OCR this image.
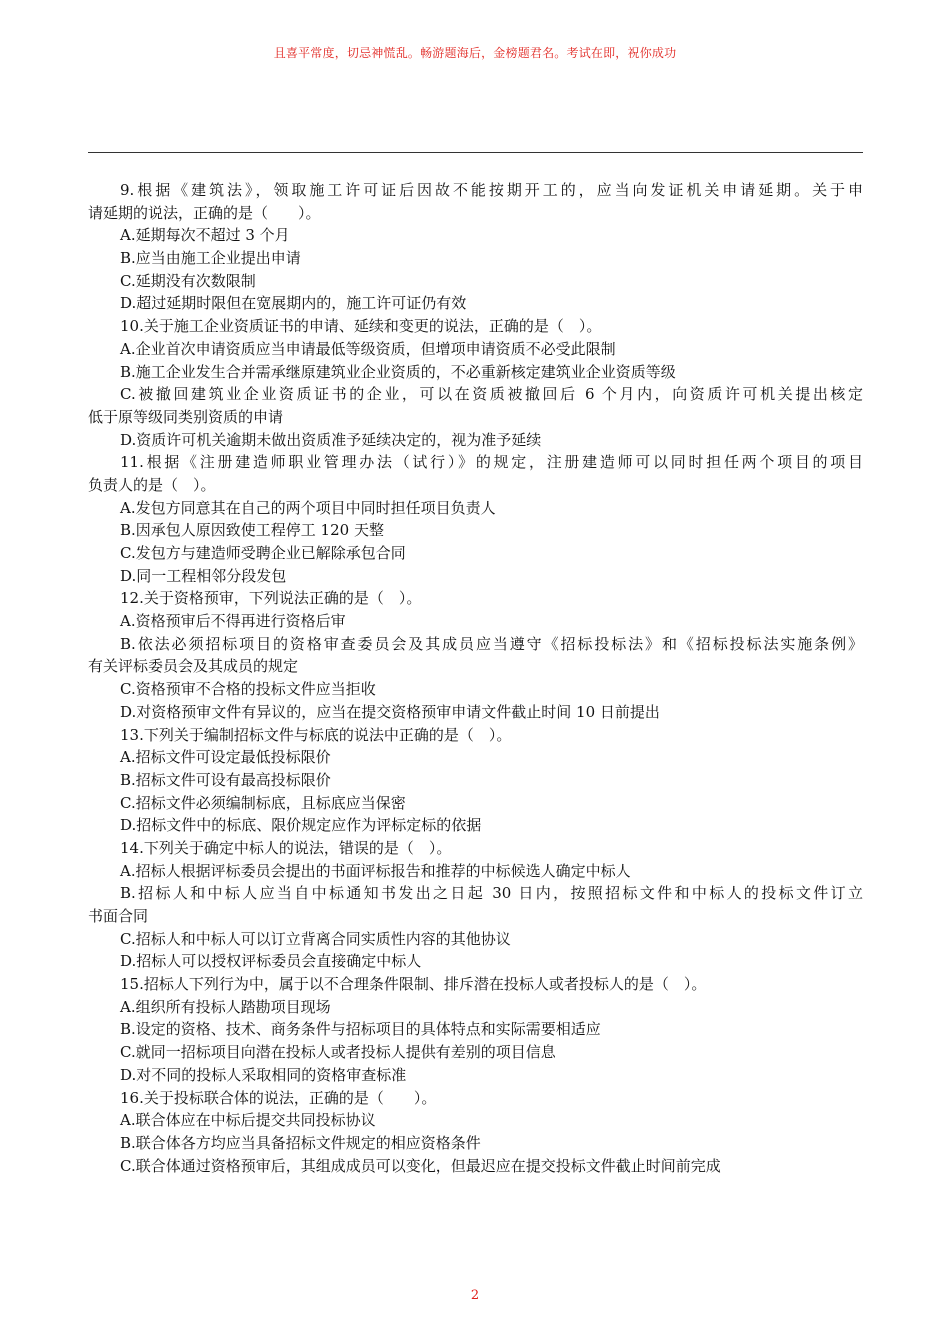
且喜平常度，切忌神慌乱。畅游题海后，金榜题君名。考试在即，祝你成功
9.根据《建筑法》，领取施工许可证后因故不能按期开工的，应当向发证机关申请延期。关于申
请延期的说法，正确的是（　　）。
A.延期每次不超过 3 个月
B.应当由施工企业提出申请
C.延期没有次数限制
D.超过延期时限但在宽展期内的，施工许可证仍有效
10.关于施工企业资质证书的申请、延续和变更的说法，正确的是（　）。
A.企业首次申请资质应当申请最低等级资质，但增项申请资质不必受此限制
B.施工企业发生合并需承继原建筑业企业资质的，不必重新核定建筑业企业资质等级
C.被撤回建筑业企业资质证书的企业，可以在资质被撤回后 6 个月内，向资质许可机关提出核定
低于原等级同类别资质的申请
D.资质许可机关逾期未做出资质准予延续决定的，视为准予延续
11.根据《注册建造师职业管理办法（试行）》的规定，注册建造师可以同时担任两个项目的项目
负责人的是（　）。
A.发包方同意其在自己的两个项目中同时担任项目负责人
B.因承包人原因致使工程停工 120 天整
C.发包方与建造师受聘企业已解除承包合同
D.同一工程相邻分段发包
12.关于资格预审，下列说法正确的是（　）。
A.资格预审后不得再进行资格后审
B.依法必须招标项目的资格审查委员会及其成员应当遵守《招标投标法》和《招标投标法实施条例》
有关评标委员会及其成员的规定
C.资格预审不合格的投标文件应当拒收
D.对资格预审文件有异议的，应当在提交资格预审申请文件截止时间 10 日前提出
13.下列关于编制招标文件与标底的说法中正确的是（　）。
A.招标文件可设定最低投标限价
B.招标文件可设有最高投标限价
C.招标文件必须编制标底，且标底应当保密
D.招标文件中的标底、限价规定应作为评标定标的依据
14.下列关于确定中标人的说法，错误的是（　）。
A.招标人根据评标委员会提出的书面评标报告和推荐的中标候选人确定中标人
B.招标人和中标人应当自中标通知书发出之日起 30 日内，按照招标文件和中标人的投标文件订立
书面合同
C.招标人和中标人可以订立背离合同实质性内容的其他协议
D.招标人可以授权评标委员会直接确定中标人
15.招标人下列行为中，属于以不合理条件限制、排斥潜在投标人或者投标人的是（　）。
A.组织所有投标人踏勘项目现场
B.设定的资格、技术、商务条件与招标项目的具体特点和实际需要相适应
C.就同一招标项目向潜在投标人或者投标人提供有差别的项目信息
D.对不同的投标人采取相同的资格审查标准
16.关于投标联合体的说法，正确的是（　　）。
A.联合体应在中标后提交共同投标协议
B.联合体各方均应当具备招标文件规定的相应资格条件
C.联合体通过资格预审后，其组成成员可以变化，但最迟应在提交投标文件截止时间前完成
2
